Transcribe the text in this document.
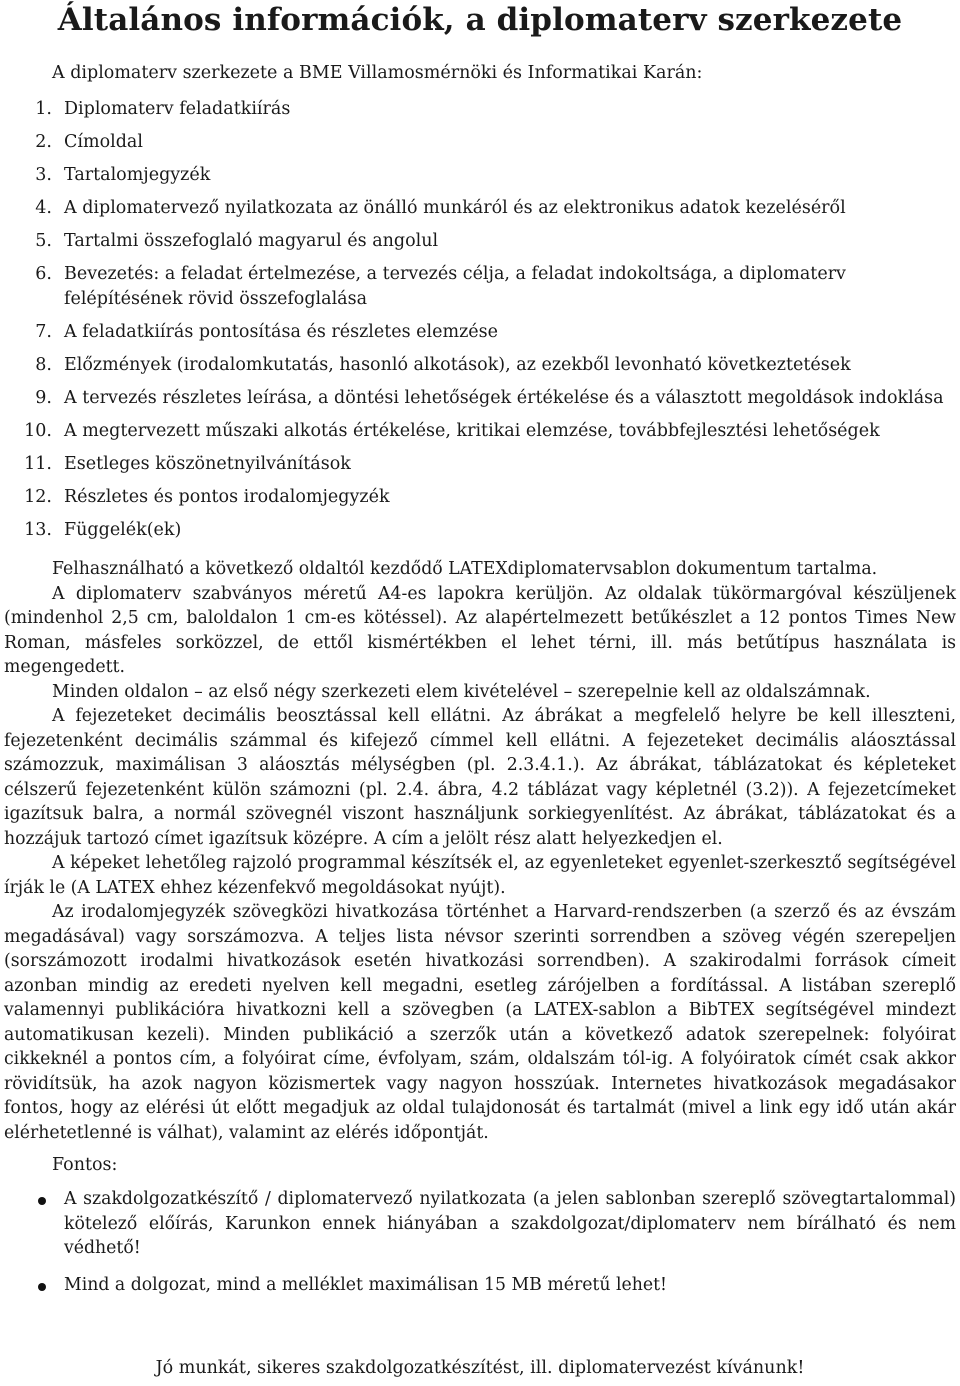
Általános információk, a diplomaterv szerkezete
A diplomaterv szerkezete a BME Villamosmérnöki és Informatikai Karán:
1. Diplomaterv feladatkiírás
2. Címoldal
3. Tartalomjegyzék
4. A diplomatervező nyilatkozata az önálló munkáról és az elektronikus adatok kezeléséről
5. Tartalmi összefoglaló magyarul és angolul
6. Bevezetés: a feladat értelmezése, a tervezés célja, a feladat indokoltsága, a diplomaterv felépítésének rövid összefoglalása
7. A feladatkiírás pontosítása és részletes elemzése
8. Előzmények (irodalomkutatás, hasonló alkotások), az ezekből levonható következtetések
9. A tervezés részletes leírása, a döntési lehetőségek értékelése és a választott megoldások indoklása
10. A megtervezett műszaki alkotás értékelése, kritikai elemzése, továbbfejlesztési lehetőségek
11. Esetleges köszönetnyilvánítások
12. Részletes és pontos irodalomjegyzék
13. Függelék(ek)

Felhasználható a következő oldaltól kezdődő LATEXdiplomatervsablon dokumentum tartalma.

A diplomaterv szabványos méretű A4-es lapokra kerüljön. Az oldalak tükörmargóval készüljenek (mindenhol 2,5 cm, baloldalon 1 cm-es kötéssel). Az alapértelmezett betűkészlet a 12 pontos Times New Roman, másfeles sorközzel, de ettől kismértékben el lehet térni, ill. más betűtípus használata is megengedett.

Minden oldalon – az első négy szerkezeti elem kivételével – szerepelnie kell az oldalszámnak.

A fejezeteket decimális beosztással kell ellátni. Az ábrákat a megfelelő helyre be kell illeszteni, fejezetenként decimális számmal és kifejező címmel kell ellátni. A fejezeteket decimális aláosztással számozzuk, maximálisan 3 aláosztás mélységben (pl. 2.3.4.1.). Az ábrákat, táblázatokat és képleteket célszerű fejezetenként külön számozni (pl. 2.4. ábra, 4.2 táblázat vagy képletnél (3.2)). A fejezetcímeket igazítsuk balra, a normál szövegnél viszont használjunk sorkiegyenlítést. Az ábrákat, táblázatokat és a hozzájuk tartozó címet igazítsuk középre. A cím a jelölt rész alatt helyezkedjen el.

A képeket lehetőleg rajzoló programmal készítsék el, az egyenleteket egyenlet-szerkesztő segítségével írják le (A LATEX ehhez kézenfekvő megoldásokat nyújt).

Az irodalomjegyzék szövegközi hivatkozása történhet a Harvard-rendszerben (a szerző és az évszám megadásával) vagy sorszámozva. A teljes lista névsor szerinti sorrendben a szöveg végén szerepeljen (sorszámozott irodalmi hivatkozások esetén hivatkozási sorrendben). A szakirodalmi források címeit azonban mindig az eredeti nyelven kell megadni, esetleg zárójelben a fordítással. A listában szereplő valamennyi publikációra hivatkozni kell a szövegben (a LATEX-sablon a BibTEX segítségével mindezt automatikusan kezeli). Minden publikáció a szerzők után a következő adatok szerepelnek: folyóirat cikkeknél a pontos cím, a folyóirat címe, évfolyam, szám, oldalszám tól-ig. A folyóiratok címét csak akkor rövidítsük, ha azok nagyon közismertek vagy nagyon hosszúak. Internetes hivatkozások megadásakor fontos, hogy az elérési út előtt megadjuk az oldal tulajdonosát és tartalmát (mivel a link egy idő után akár elérhetetlenné is válhat), valamint az elérés időpontját.

Fontos:
A szakdolgozatkészítő / diplomatervező nyilatkozata (a jelen sablonban szereplő szövegtartalommal) kötelező előírás, Karunkon ennek hiányában a szakdolgozat/diplomaterv nem bírálható és nem védhető!
Mind a dolgozat, mind a melléklet maximálisan 15 MB méretű lehet!
Jó munkát, sikeres szakdolgozatkészítést, ill. diplomatervezést kívánunk!
